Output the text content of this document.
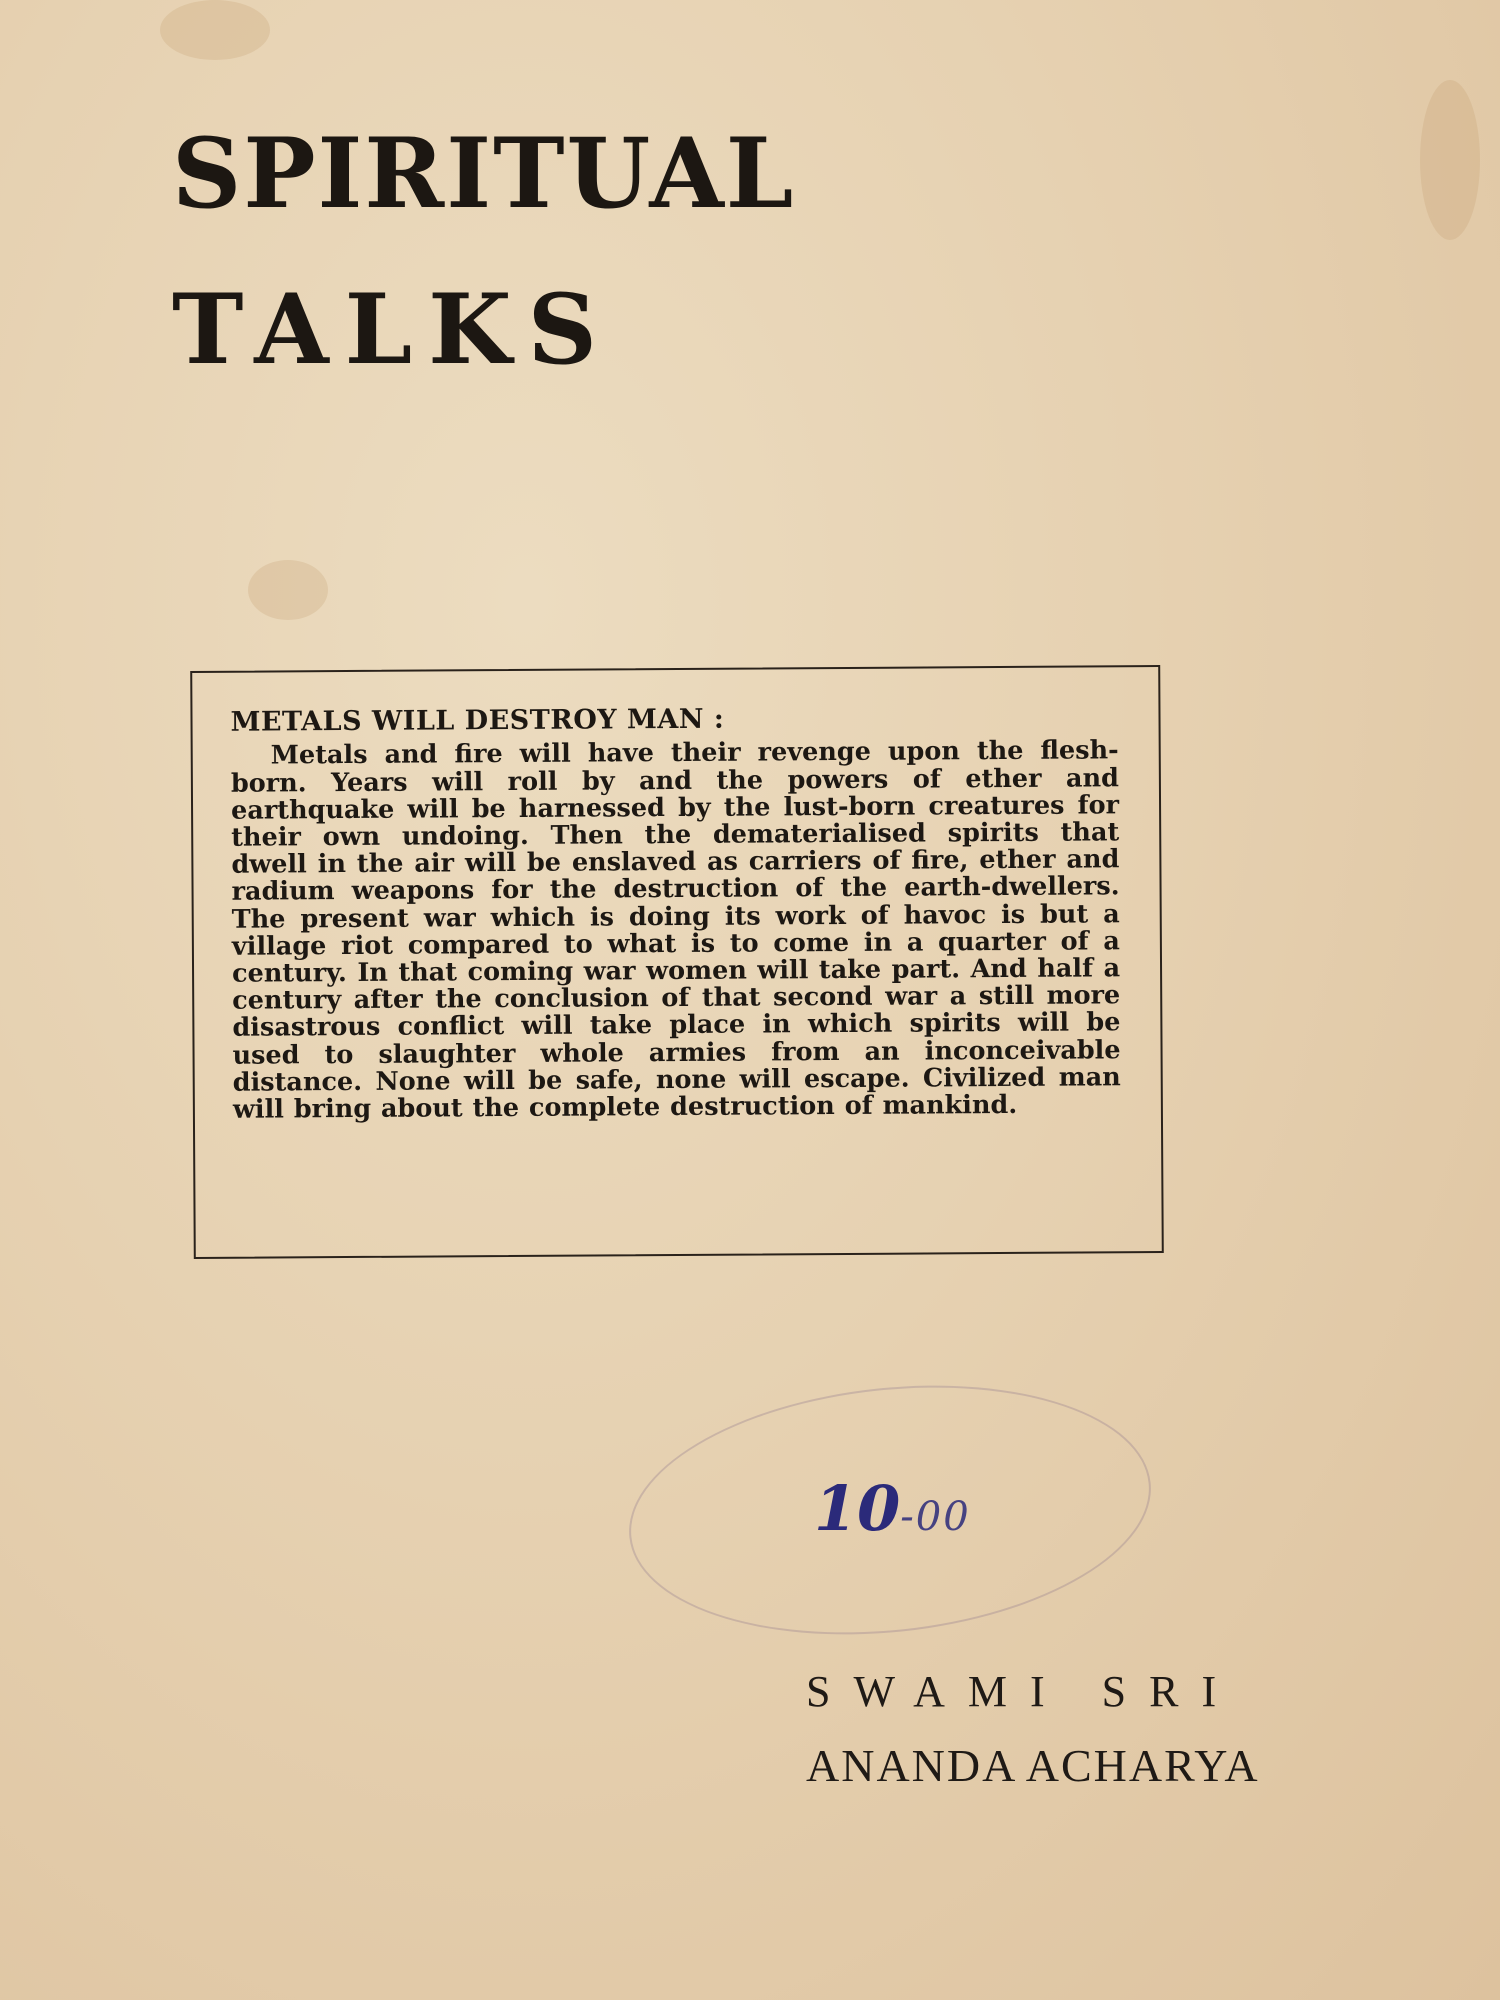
SPIRITUAL
TALKS
METALS WILL DESTROY MAN :

Metals and fire will have their revenge upon the flesh-born. Years will roll by and the powers of ether and earthquake will be harnessed by the lust-born creatures for their own undoing. Then the dematerialised spirits that dwell in the air will be enslaved as carriers of fire, ether and radium weapons for the destruction of the earth-dwellers. The present war which is doing its work of havoc is but a village riot compared to what is to come in a quarter of a century. In that coming war women will take part. And half a century after the conclusion of that second war a still more disastrous conflict will take place in which spirits will be used to slaughter whole armies from an inconceivable distance. None will be safe, none will escape. Civilized man will bring about the complete destruction of mankind.

10-00

SWAMI SRI

ANANDA ACHARYA
